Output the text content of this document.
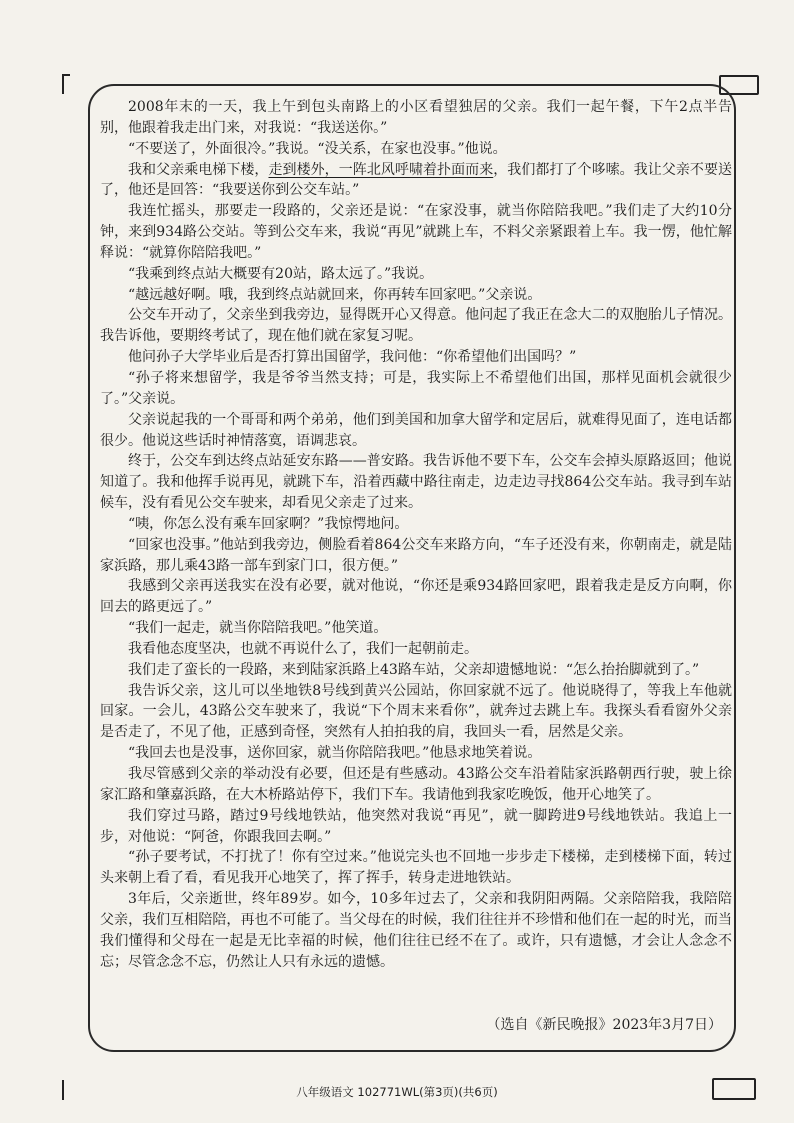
2008年末的一天，我上午到包头南路上的小区看望独居的父亲。我们一起午餐，下午2点半告别，他跟着我走出门来，对我说：“我送送你。”

“不要送了，外面很冷。”我说。“没关系，在家也没事。”他说。

我和父亲乘电梯下楼，走到楼外，一阵北风呼啸着扑面而来，我们都打了个哆嗦。我让父亲不要送了，他还是回答：“我要送你到公交车站。”

我连忙摇头，那要走一段路的，父亲还是说：“在家没事，就当你陪陪我吧。”我们走了大约10分钟，来到934路公交站。等到公交车来，我说“再见”就跳上车，不料父亲紧跟着上车。我一愣，他忙解释说：“就算你陪陪我吧。”

“我乘到终点站大概要有20站，路太远了。”我说。

“越远越好啊。哦，我到终点站就回来，你再转车回家吧。”父亲说。

公交车开动了，父亲坐到我旁边，显得既开心又得意。他问起了我正在念大二的双胞胎儿子情况。我告诉他，要期终考试了，现在他们就在家复习呢。

他问孙子大学毕业后是否打算出国留学，我问他：“你希望他们出国吗？”

“孙子将来想留学，我是爷爷当然支持；可是，我实际上不希望他们出国，那样见面机会就很少了。”父亲说。

父亲说起我的一个哥哥和两个弟弟，他们到美国和加拿大留学和定居后，就难得见面了，连电话都很少。他说这些话时神情落寞，语调悲哀。

终于，公交车到达终点站延安东路——普安路。我告诉他不要下车，公交车会掉头原路返回；他说知道了。我和他挥手说再见，就跳下车，沿着西藏中路往南走，边走边寻找864公交车站。我寻到车站候车，没有看见公交车驶来，却看见父亲走了过来。

“咦，你怎么没有乘车回家啊？”我惊愕地问。

“回家也没事。”他站到我旁边，侧脸看着864公交车来路方向，“车子还没有来，你朝南走，就是陆家浜路，那儿乘43路一部车到家门口，很方便。”

我感到父亲再送我实在没有必要，就对他说，“你还是乘934路回家吧，跟着我走是反方向啊，你回去的路更远了。”

“我们一起走，就当你陪陪我吧。”他笑道。

我看他态度坚决，也就不再说什么了，我们一起朝前走。

我们走了蛮长的一段路，来到陆家浜路上43路车站，父亲却遗憾地说：“怎么抬抬脚就到了。”

我告诉父亲，这儿可以坐地铁8号线到黄兴公园站，你回家就不远了。他说晓得了，等我上车他就回家。一会儿，43路公交车驶来了，我说“下个周末来看你”，就奔过去跳上车。我探头看看窗外父亲是否走了，不见了他，正感到奇怪，突然有人拍拍我的肩，我回头一看，居然是父亲。

“我回去也是没事，送你回家，就当你陪陪我吧。”他恳求地笑着说。

我尽管感到父亲的举动没有必要，但还是有些感动。43路公交车沿着陆家浜路朝西行驶，驶上徐家汇路和肇嘉浜路，在大木桥路站停下，我们下车。我请他到我家吃晚饭，他开心地笑了。

我们穿过马路，踏过9号线地铁站，他突然对我说“再见”，就一脚跨进9号线地铁站。我追上一步，对他说：“阿爸，你跟我回去啊。”

“孙子要考试，不打扰了！你有空过来。”他说完头也不回地一步步走下楼梯，走到楼梯下面，转过头来朝上看了看，看见我开心地笑了，挥了挥手，转身走进地铁站。

3年后，父亲逝世，终年89岁。如今，10多年过去了，父亲和我阴阳两隔。父亲陪陪我，我陪陪父亲，我们互相陪陪，再也不可能了。当父母在的时候，我们往往并不珍惜和他们在一起的时光，而当我们懂得和父母在一起是无比幸福的时候，他们往往已经不在了。或许，只有遗憾，才会让人念念不忘；尽管念念不忘，仍然让人只有永远的遗憾。

（选自《新民晚报》2023年3月7日）
八年级语文 102771WL(第3页)(共6页)
